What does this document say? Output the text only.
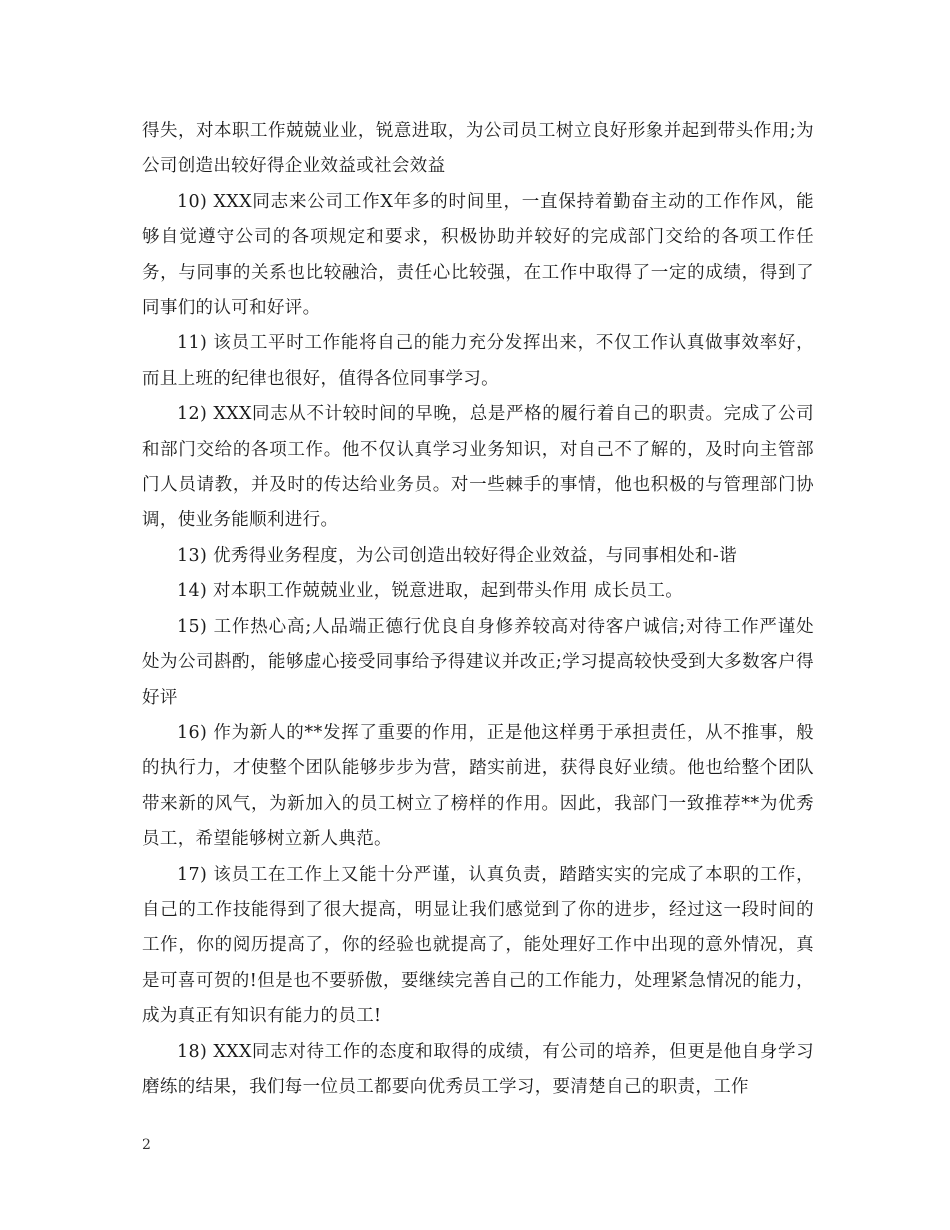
得失，对本职工作兢兢业业，锐意进取，为公司员工树立良好形象并起到带头作用;为公司创造出较好得企业效益或社会效益

10) XXX同志来公司工作X年多的时间里，一直保持着勤奋主动的工作作风，能够自觉遵守公司的各项规定和要求，积极协助并较好的完成部门交给的各项工作任务，与同事的关系也比较融洽，责任心比较强，在工作中取得了一定的成绩，得到了同事们的认可和好评。

11) 该员工平时工作能将自己的能力充分发挥出来，不仅工作认真做事效率好，而且上班的纪律也很好，值得各位同事学习。

12) XXX同志从不计较时间的早晚，总是严格的履行着自己的职责。完成了公司和部门交给的各项工作。他不仅认真学习业务知识，对自己不了解的，及时向主管部门人员请教，并及时的传达给业务员。对一些棘手的事情，他也积极的与管理部门协调，使业务能顺利进行。

13) 优秀得业务程度，为公司创造出较好得企业效益，与同事相处和-谐

14) 对本职工作兢兢业业，锐意进取，起到带头作用 成长员工。

15) 工作热心高;人品端正德行优良自身修养较高对待客户诚信;对待工作严谨处处为公司斟酌，能够虚心接受同事给予得建议并改正;学习提高较快受到大多数客户得好评

16) 作为新人的**发挥了重要的作用，正是他这样勇于承担责任，从不推事，般的执行力，才使整个团队能够步步为营，踏实前进，获得良好业绩。他也给整个团队带来新的风气，为新加入的员工树立了榜样的作用。因此，我部门一致推荐**为优秀员工，希望能够树立新人典范。

17) 该员工在工作上又能十分严谨，认真负责，踏踏实实的完成了本职的工作，自己的工作技能得到了很大提高，明显让我们感觉到了你的进步，经过这一段时间的工作，你的阅历提高了，你的经验也就提高了，能处理好工作中出现的意外情况，真是可喜可贺的!但是也不要骄傲，要继续完善自己的工作能力，处理紧急情况的能力，成为真正有知识有能力的员工!

18) XXX同志对待工作的态度和取得的成绩，有公司的培养，但更是他自身学习磨练的结果，我们每一位员工都要向优秀员工学习，要清楚自己的职责，工作

2
